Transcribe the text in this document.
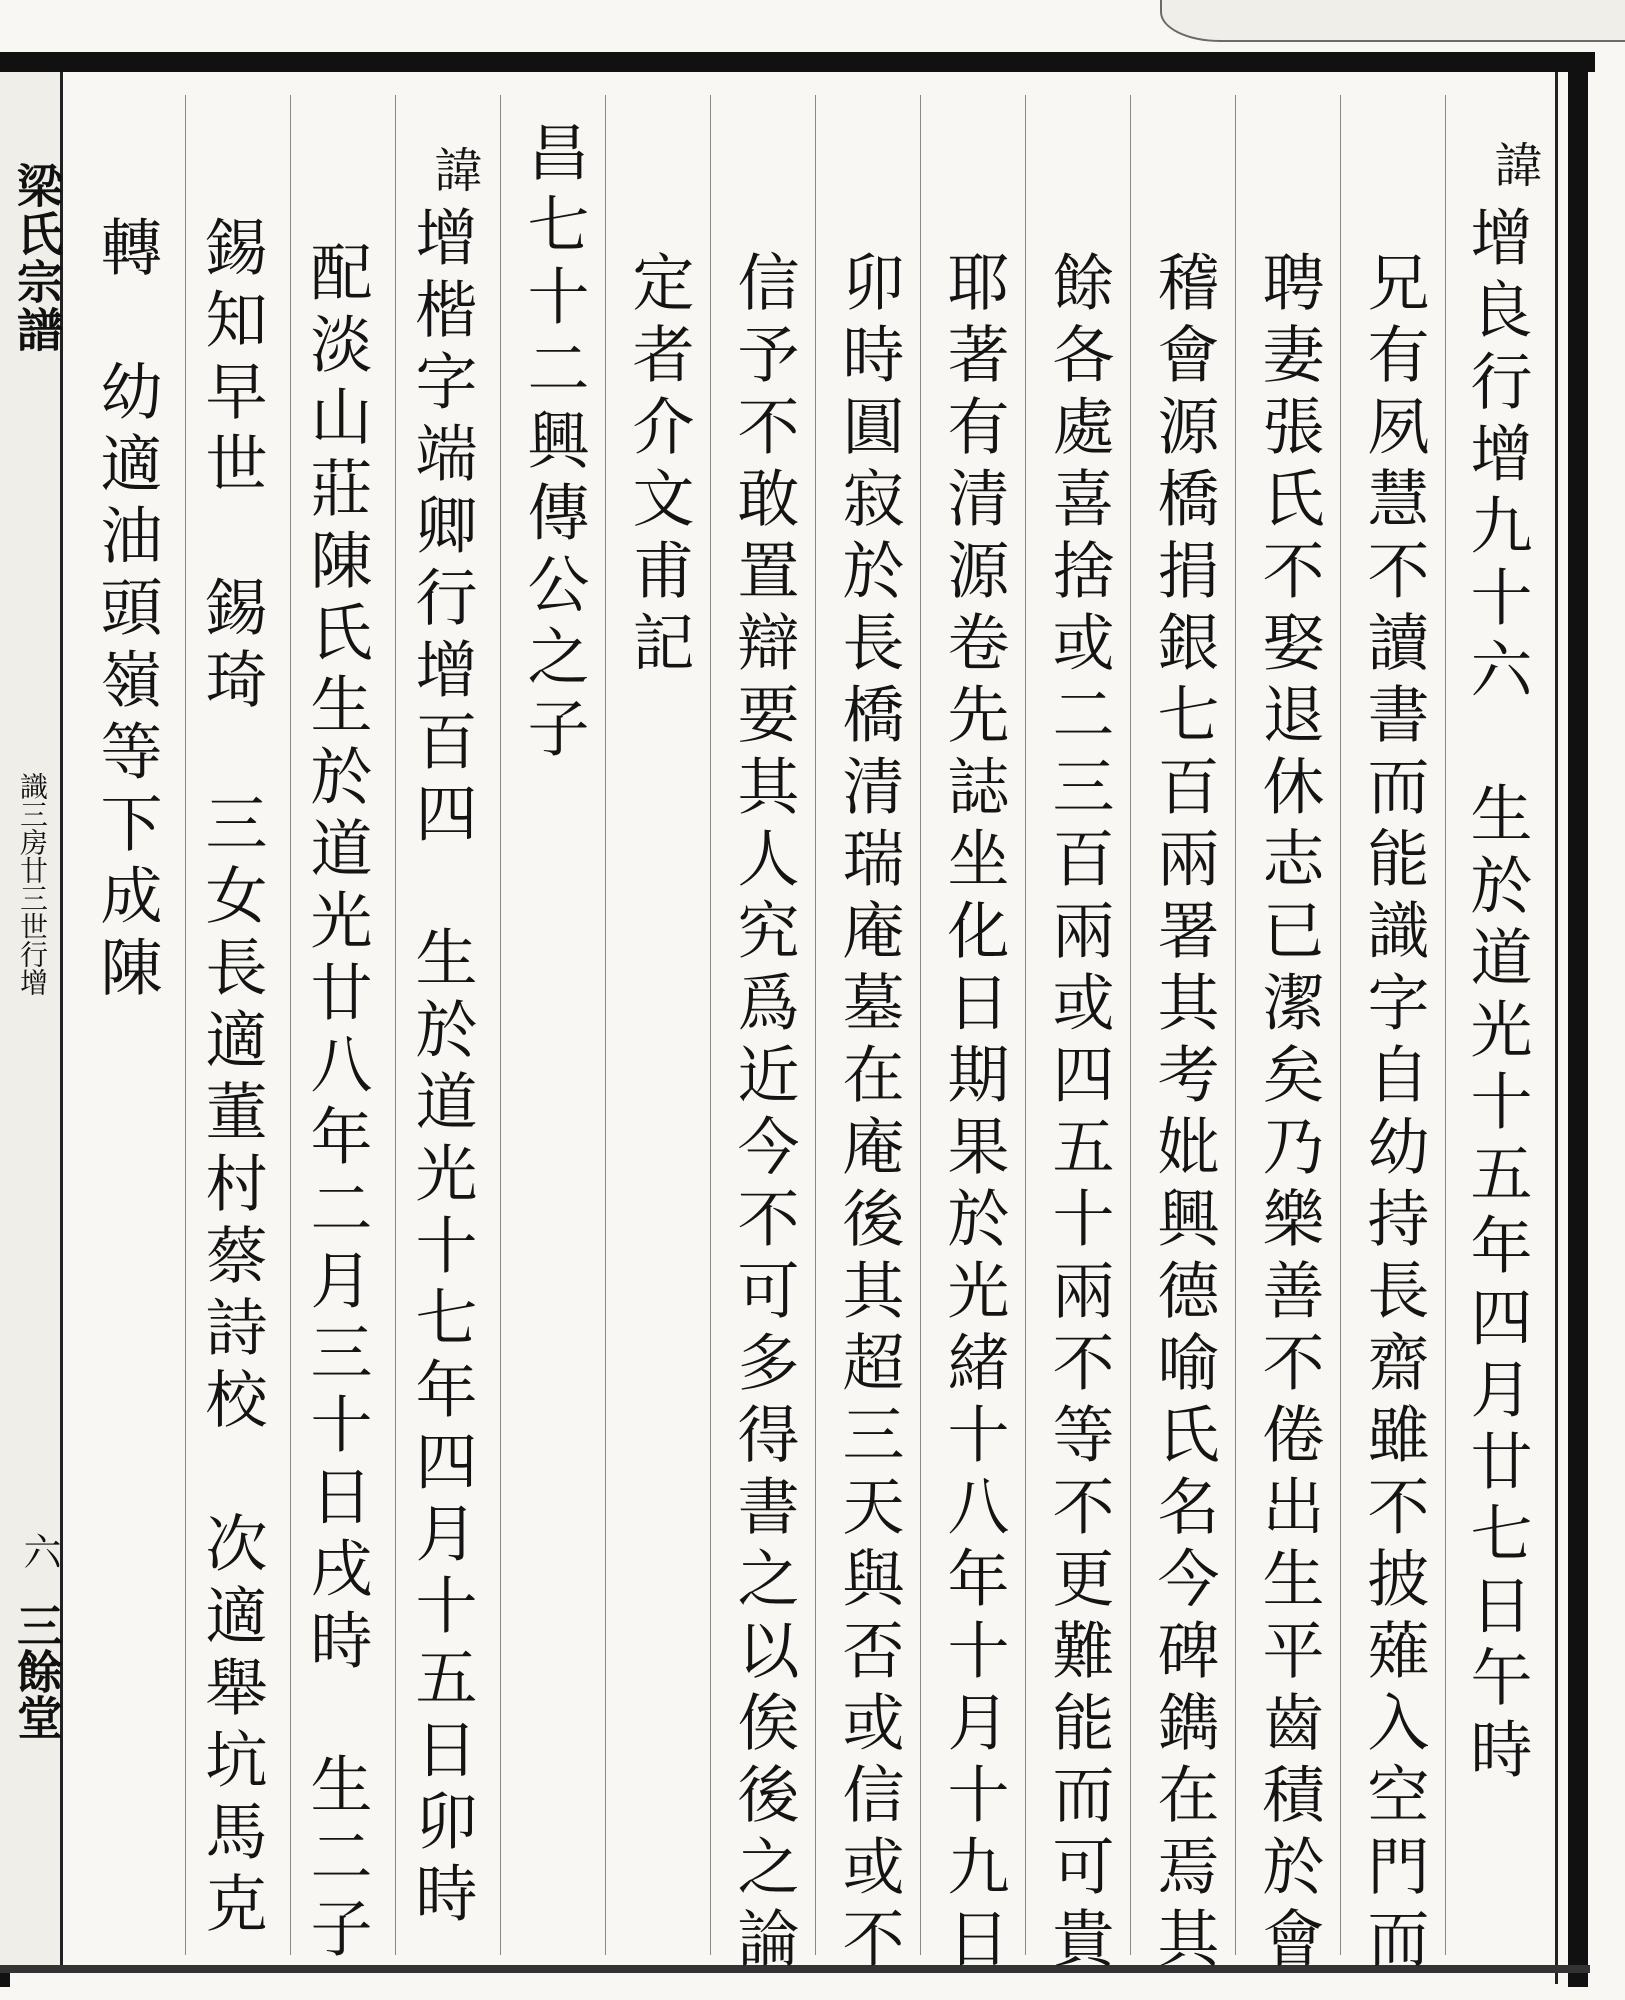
梁氏宗譜
識三房廿三世行增
六
三餘堂
諱
增良行增九十六　生於道光十五年四月廿七日午時
兄有夙慧不讀書而能識字自幼持長齋雖不披薙入空門而
聘妻張氏不娶退休志已潔矣乃樂善不倦出生平齒積於會
稽會源橋捐銀七百兩署其考妣興德喻氏名今碑鐫在焉其
餘各處喜捨或二三百兩或四五十兩不等不更難能而可貴
耶著有清源卷先誌坐化日期果於光緒十八年十月十九日
卯時圓寂於長橋清瑞庵墓在庵後其超三天與否或信或不
信予不敢置辯要其人究爲近今不可多得書之以俟後之論
定者介文甫記
昌七十二興傳公之子
諱
增楷字端卿行增百四　生於道光十七年四月十五日卯時
配淡山莊陳氏生於道光廿八年二月三十日戌時　生二子
錫知早世　錫琦　三女長適董村蔡詩校　次適舉坑馬克
轉　幼適油頭嶺等下成陳
